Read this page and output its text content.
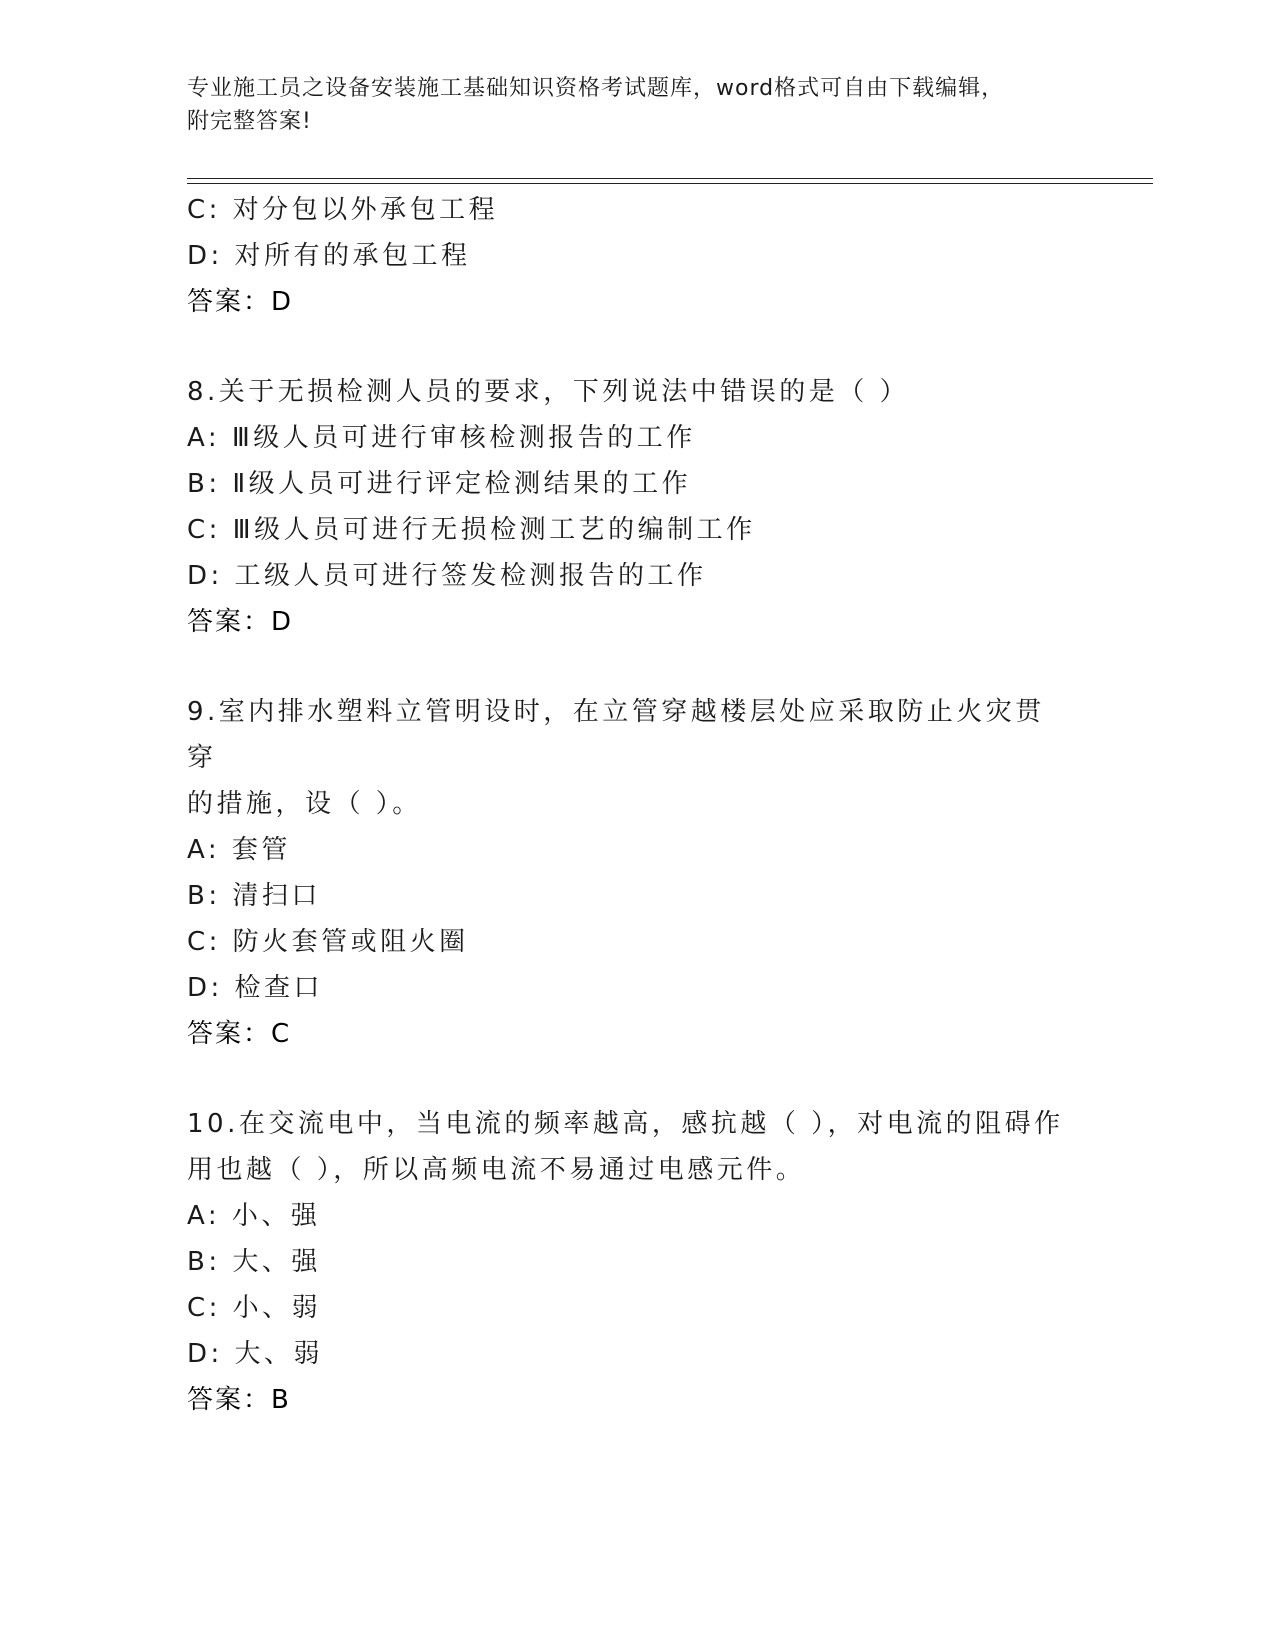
专业施工员之设备安装施工基础知识资格考试题库，word格式可自由下载编辑，
附完整答案!
C: 对分包以外承包工程
D: 对所有的承包工程
答案：D
8.关于无损检测人员的要求，下列说法中错误的是（ ）
A: Ⅲ级人员可进行审核检测报告的工作
B: Ⅱ级人员可进行评定检测结果的工作
C: Ⅲ级人员可进行无损检测工艺的编制工作
D: 工级人员可进行签发检测报告的工作
答案：D
9.室内排水塑料立管明设时，在立管穿越楼层处应采取防止火灾贯穿
的措施，设（ ）。
A: 套管
B: 清扫口
C: 防火套管或阻火圈
D: 检查口
答案：C
10.在交流电中，当电流的频率越高，感抗越（ ），对电流的阻碍作
用也越（ ），所以高频电流不易通过电感元件。
A: 小、强
B: 大、强
C: 小、弱
D: 大、弱
答案：B
